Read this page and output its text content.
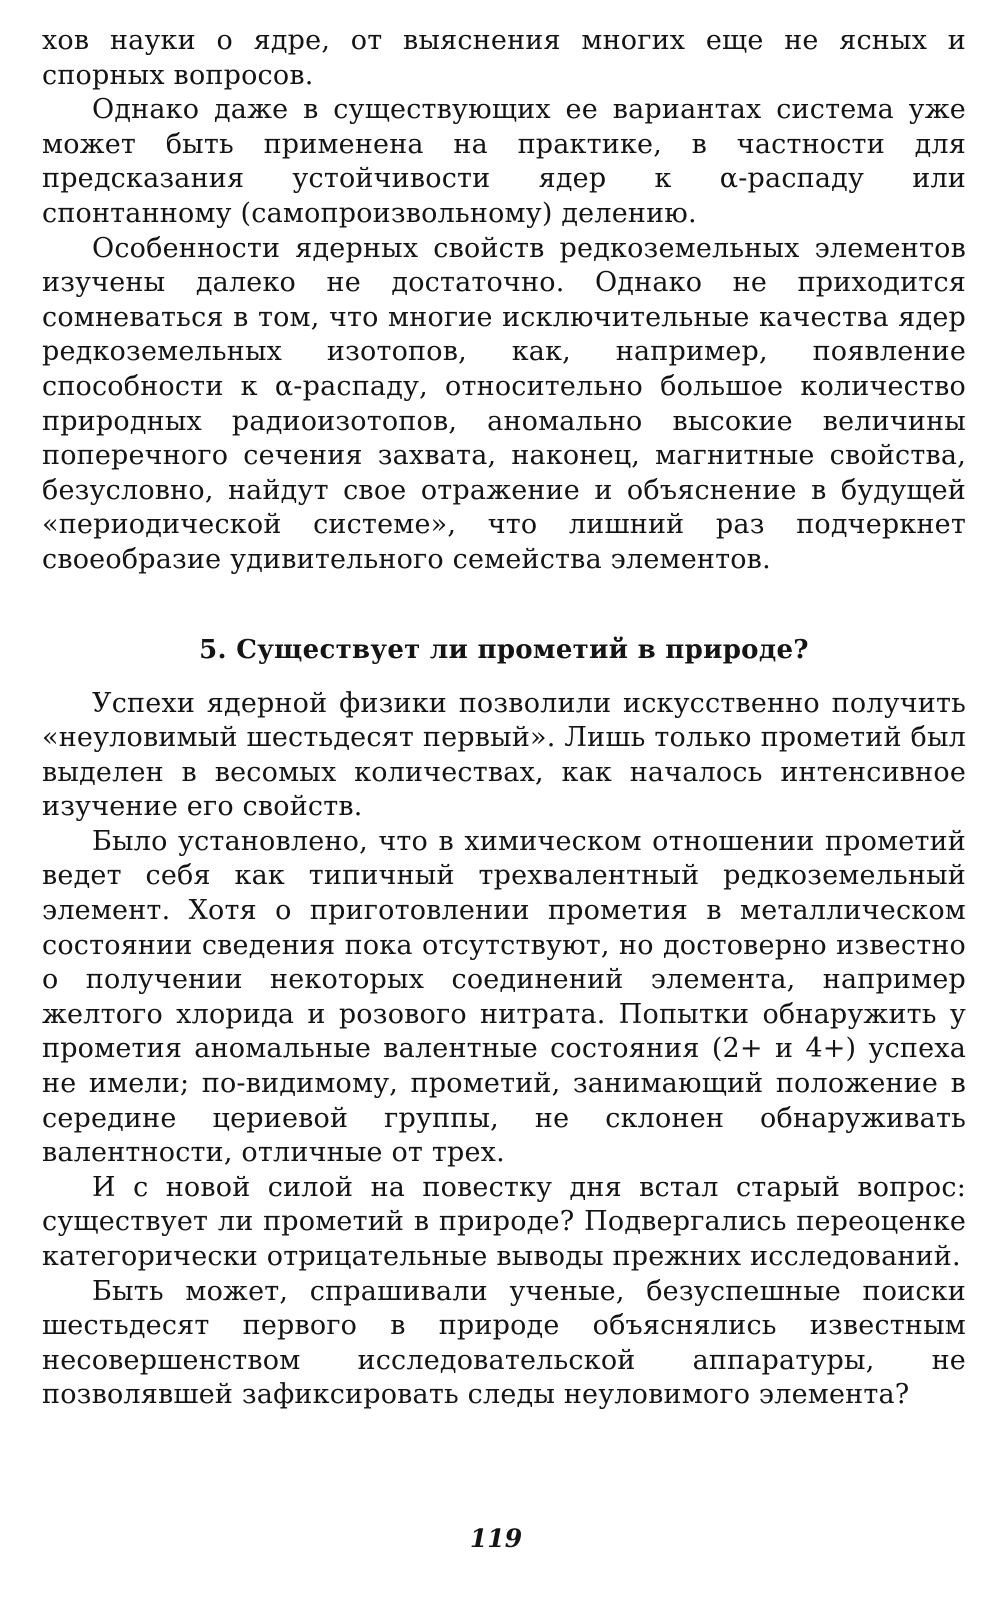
хов науки о ядре, от выяснения многих еще не ясных и спорных вопросов.

Однако даже в существующих ее вариантах система уже может быть применена на практике, в частности для предсказания устойчивости ядер к α-распаду или спонтанному (самопроизвольному) делению.

Особенности ядерных свойств редкоземельных элементов изучены далеко не достаточно. Однако не приходится сомневаться в том, что многие исключительные качества ядер редкоземельных изотопов, как, например, появление способности к α-распаду, относительно большое количество природных радиоизотопов, аномально высокие величины поперечного сечения захвата, наконец, магнитные свойства, безусловно, найдут свое отражение и объяснение в будущей «периодической системе», что лишний раз подчеркнет своеобразие удивительного семейства элементов.

5. Существует ли прометий в природе?

Успехи ядерной физики позволили искусственно получить «неуловимый шестьдесят первый». Лишь только прометий был выделен в весомых количествах, как началось интенсивное изучение его свойств.

Было установлено, что в химическом отношении прометий ведет себя как типичный трехвалентный редкоземельный элемент. Хотя о приготовлении прометия в металлическом состоянии сведения пока отсутствуют, но достоверно известно о получении некоторых соединений элемента, например желтого хлорида и розового нитрата. Попытки обнаружить у прометия аномальные валентные состояния (2+ и 4+) успеха не имели; по-видимому, прометий, занимающий положение в середине цериевой группы, не склонен обнаруживать валентности, отличные от трех.

И с новой силой на повестку дня встал старый вопрос: существует ли прометий в природе? Подвергались переоценке категорически отрицательные выводы прежних исследований.

Быть может, спрашивали ученые, безуспешные поиски шестьдесят первого в природе объяснялись известным несовершенством исследовательской аппаратуры, не позволявшей зафиксировать следы неуловимого элемента?

119
